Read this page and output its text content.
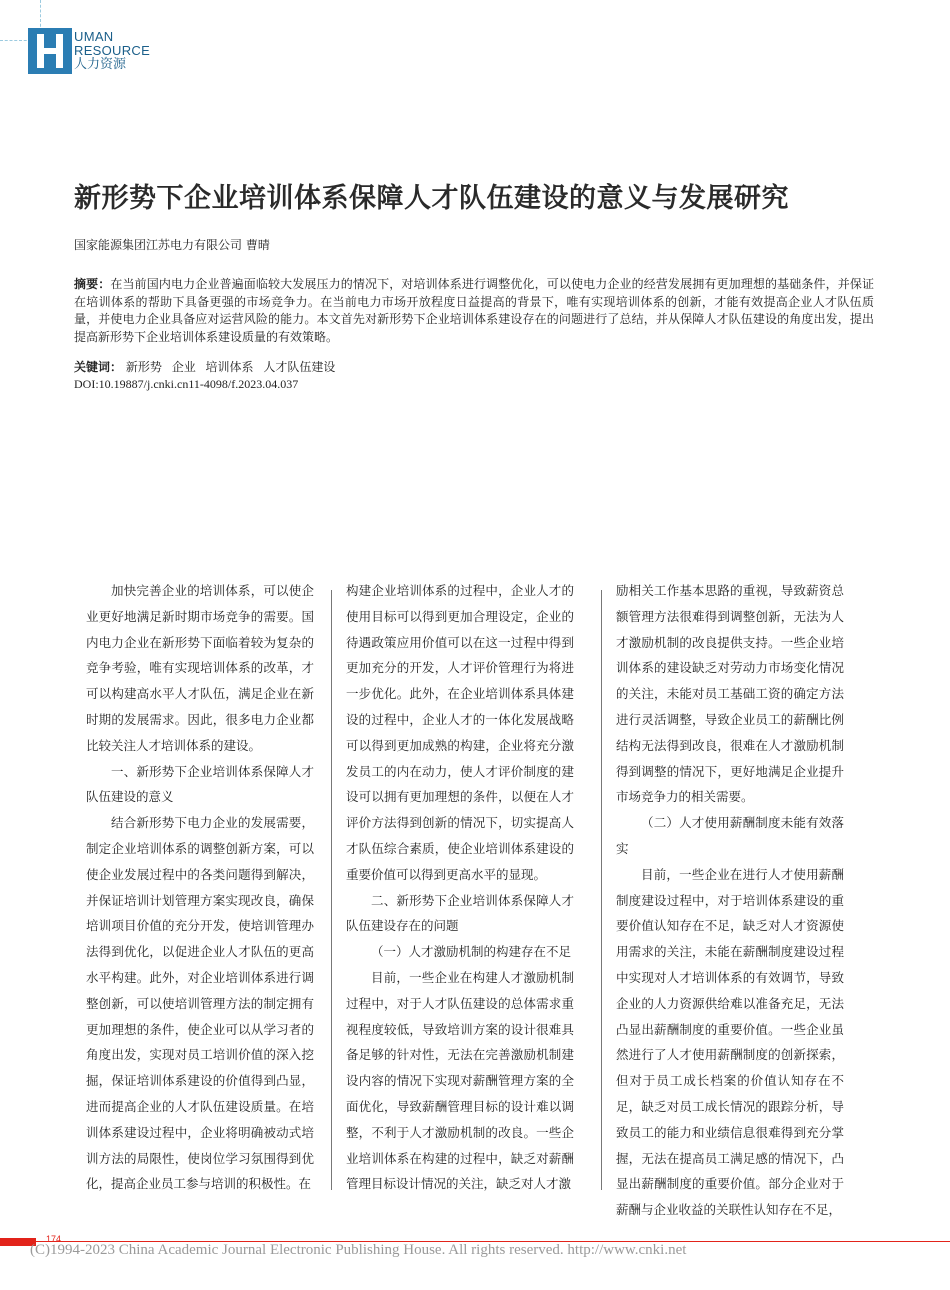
UMAN
RESOURCE
人力资源
新形势下企业培训体系保障人才队伍建设的意义与发展研究
国家能源集团江苏电力有限公司 曹晴
摘要：在当前国内电力企业普遍面临较大发展压力的情况下，对培训体系进行调整优化，可以使电力企业的经营发展拥有更加理想的基础条件，并保证在培训体系的帮助下具备更强的市场竞争力。在当前电力市场开放程度日益提高的背景下，唯有实现培训体系的创新，才能有效提高企业人才队伍质量，并使电力企业具备应对运营风险的能力。本文首先对新形势下企业培训体系建设存在的问题进行了总结，并从保障人才队伍建设的角度出发，提出提高新形势下企业培训体系建设质量的有效策略。
关键词： 新形势 企业 培训体系 人才队伍建设
DOI:10.19887/j.cnki.cn11-4098/f.2023.04.037

加快完善企业的培训体系，可以使企业更好地满足新时期市场竞争的需要。国内电力企业在新形势下面临着较为复杂的竞争考验，唯有实现培训体系的改革，才可以构建高水平人才队伍，满足企业在新时期的发展需求。因此，很多电力企业都比较关注人才培训体系的建设。

一、新形势下企业培训体系保障人才队伍建设的意义

结合新形势下电力企业的发展需要，制定企业培训体系的调整创新方案，可以使企业发展过程中的各类问题得到解决，并保证培训计划管理方案实现改良，确保培训项目价值的充分开发，使培训管理办法得到优化，以促进企业人才队伍的更高水平构建。此外，对企业培训体系进行调整创新，可以使培训管理方法的制定拥有更加理想的条件，使企业可以从学习者的角度出发，实现对员工培训价值的深入挖掘，保证培训体系建设的价值得到凸显，进而提高企业的人才队伍建设质量。在培训体系建设过程中，企业将明确被动式培训方法的局限性，使岗位学习氛围得到优化，提高企业员工参与培训的积极性。在

构建企业培训体系的过程中，企业人才的使用目标可以得到更加合理设定，企业的待遇政策应用价值可以在这一过程中得到更加充分的开发，人才评价管理行为将进一步优化。此外，在企业培训体系具体建设的过程中，企业人才的一体化发展战略可以得到更加成熟的构建，企业将充分激发员工的内在动力，使人才评价制度的建设可以拥有更加理想的条件，以便在人才评价方法得到创新的情况下，切实提高人才队伍综合素质，使企业培训体系建设的重要价值可以得到更高水平的显现。

二、新形势下企业培训体系保障人才队伍建设存在的问题

（一）人才激励机制的构建存在不足

目前，一些企业在构建人才激励机制过程中，对于人才队伍建设的总体需求重视程度较低，导致培训方案的设计很难具备足够的针对性，无法在完善激励机制建设内容的情况下实现对薪酬管理方案的全面优化，导致薪酬管理目标的设计难以调整，不利于人才激励机制的改良。一些企业培训体系在构建的过程中，缺乏对薪酬管理目标设计情况的关注，缺乏对人才激

励相关工作基本思路的重视，导致薪资总额管理方法很难得到调整创新，无法为人才激励机制的改良提供支持。一些企业培训体系的建设缺乏对劳动力市场变化情况的关注，未能对员工基础工资的确定方法进行灵活调整，导致企业员工的薪酬比例结构无法得到改良，很难在人才激励机制得到调整的情况下，更好地满足企业提升市场竞争力的相关需要。

（二）人才使用薪酬制度未能有效落实

目前，一些企业在进行人才使用薪酬制度建设过程中，对于培训体系建设的重要价值认知存在不足，缺乏对人才资源使用需求的关注，未能在薪酬制度建设过程中实现对人才培训体系的有效调节，导致企业的人力资源供给难以准备充足，无法凸显出薪酬制度的重要价值。一些企业虽然进行了人才使用薪酬制度的创新探索，但对于员工成长档案的价值认知存在不足，缺乏对员工成长情况的跟踪分析，导致员工的能力和业绩信息很难得到充分掌握，无法在提高员工满足感的情况下，凸显出薪酬制度的重要价值。部分企业对于薪酬与企业收益的关联性认知存在不足，

174
(C)1994-2023 China Academic Journal Electronic Publishing House. All rights reserved. http://www.cnki.net
